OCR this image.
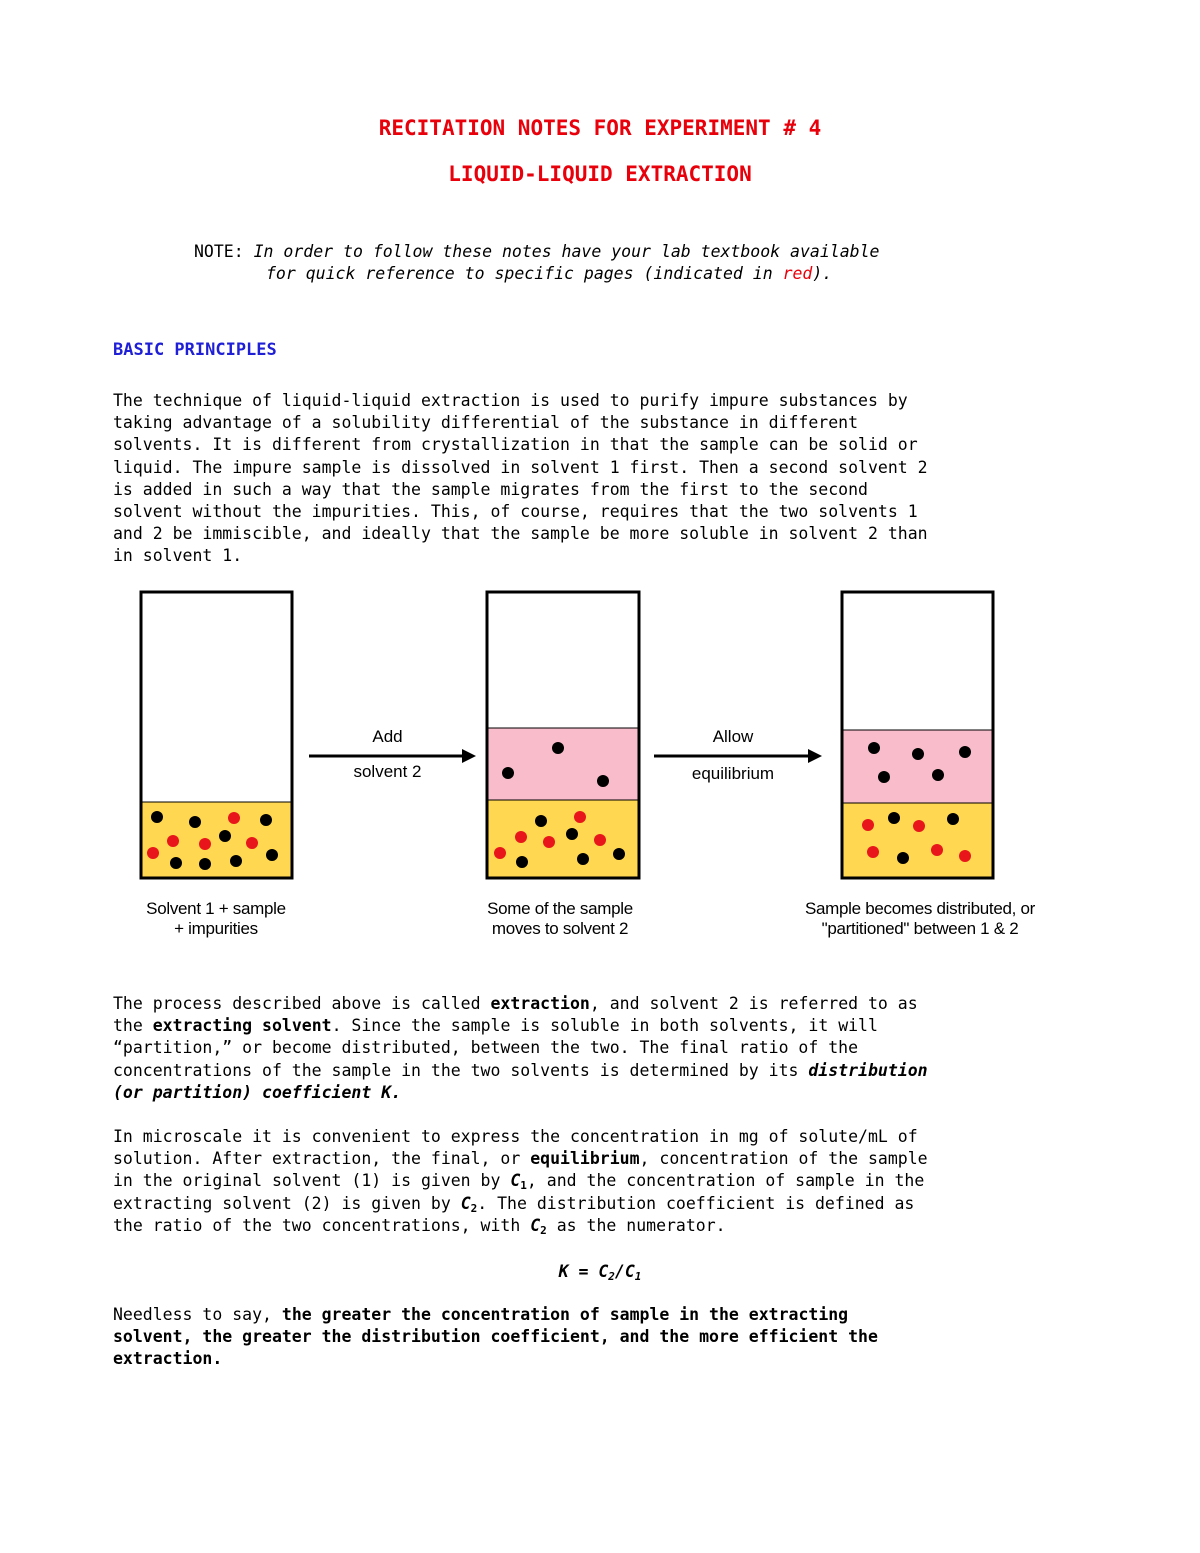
RECITATION NOTES FOR EXPERIMENT # 4
LIQUID-LIQUID EXTRACTION
NOTE: In order to follow these notes have your lab textbook available
for quick reference to specific pages (indicated in red).
BASIC PRINCIPLES
The technique of liquid-liquid extraction is used to purify impure substances by
taking advantage of a solubility differential of the substance in different
solvents. It is different from crystallization in that the sample can be solid or
liquid. The impure sample is dissolved in solvent 1 first. Then a second solvent 2
is added in such a way that the sample migrates from the first to the second
solvent without the impurities. This, of course, requires that the two solvents 1
and 2 be immiscible, and ideally that the sample be more soluble in solvent 2 than
in solvent 1.
Add
solvent 2
Allow
equilibrium
Solvent 1 + sample
+ impurities
Some of the sample
moves to solvent 2
Sample becomes distributed, or
"partitioned" between 1 & 2
The process described above is called extraction, and solvent 2 is referred to as
the extracting solvent. Since the sample is soluble in both solvents, it will
“partition,” or become distributed, between the two. The final ratio of the
concentrations of the sample in the two solvents is determined by its distribution
(or partition) coefficient K.
In microscale it is convenient to express the concentration in mg of solute/mL of
solution. After extraction, the final, or equilibrium, concentration of the sample
in the original solvent (1) is given by $C_1$, and the concentration of sample in the
extracting solvent (2) is given by $C_2$. The distribution coefficient is defined as
the ratio of the two concentrations, with $C_2$ as the numerator.
$K = C_2/C_1$
Needless to say, the greater the concentration of sample in the extracting
solvent, the greater the distribution coefficient, and the more efficient the
extraction.
